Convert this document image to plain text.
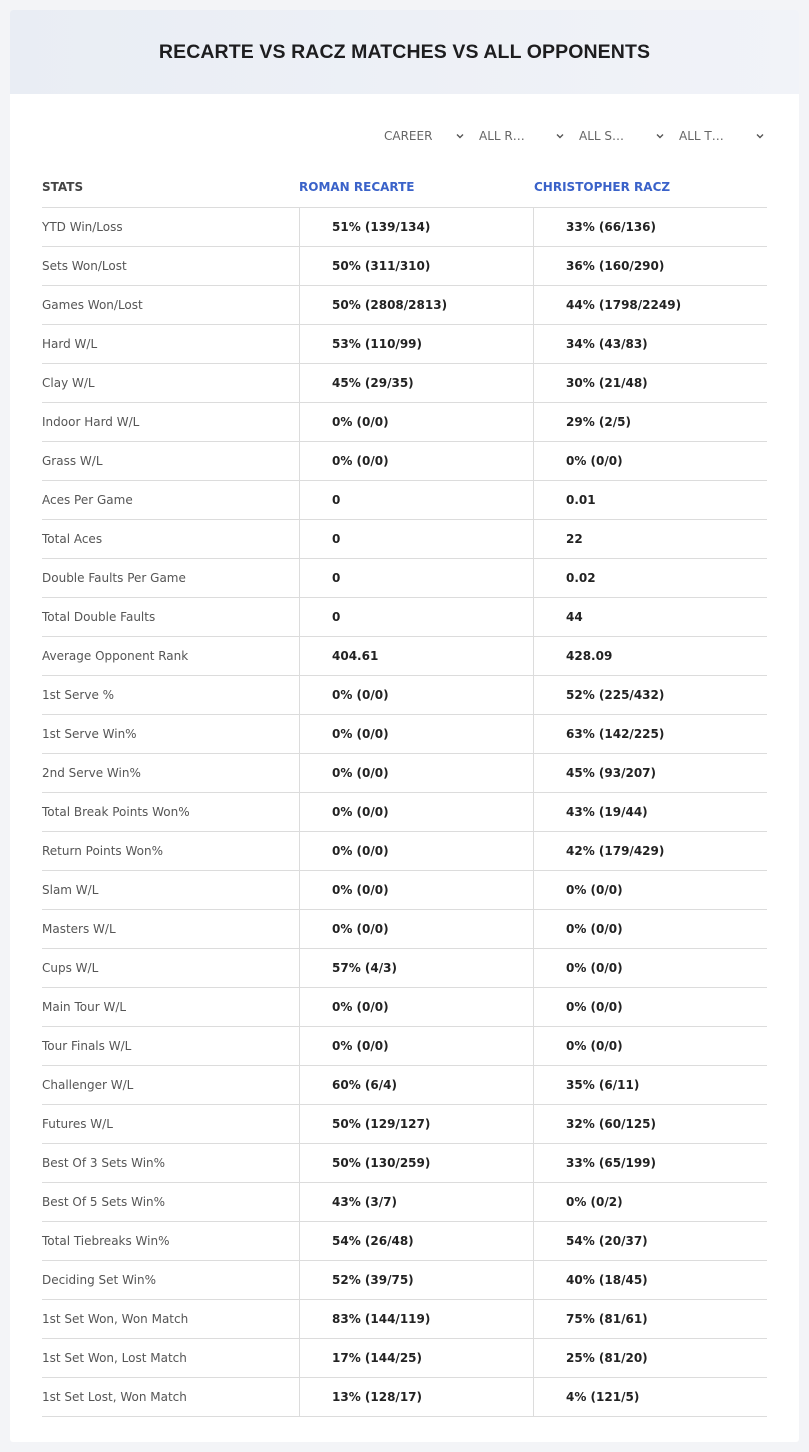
RECARTE VS RACZ MATCHES VS ALL OPPONENTS
CAREER	ALL R…	ALL S…	ALL T…
STATS	ROMAN RECARTE	CHRISTOPHER RACZ
YTD Win/Loss	51% (139/134)	33% (66/136)
Sets Won/Lost	50% (311/310)	36% (160/290)
Games Won/Lost	50% (2808/2813)	44% (1798/2249)
Hard W/L	53% (110/99)	34% (43/83)
Clay W/L	45% (29/35)	30% (21/48)
Indoor Hard W/L	0% (0/0)	29% (2/5)
Grass W/L	0% (0/0)	0% (0/0)
Aces Per Game	0	0.01
Total Aces	0	22
Double Faults Per Game	0	0.02
Total Double Faults	0	44
Average Opponent Rank	404.61	428.09
1st Serve %	0% (0/0)	52% (225/432)
1st Serve Win%	0% (0/0)	63% (142/225)
2nd Serve Win%	0% (0/0)	45% (93/207)
Total Break Points Won%	0% (0/0)	43% (19/44)
Return Points Won%	0% (0/0)	42% (179/429)
Slam W/L	0% (0/0)	0% (0/0)
Masters W/L	0% (0/0)	0% (0/0)
Cups W/L	57% (4/3)	0% (0/0)
Main Tour W/L	0% (0/0)	0% (0/0)
Tour Finals W/L	0% (0/0)	0% (0/0)
Challenger W/L	60% (6/4)	35% (6/11)
Futures W/L	50% (129/127)	32% (60/125)
Best Of 3 Sets Win%	50% (130/259)	33% (65/199)
Best Of 5 Sets Win%	43% (3/7)	0% (0/2)
Total Tiebreaks Win%	54% (26/48)	54% (20/37)
Deciding Set Win%	52% (39/75)	40% (18/45)
1st Set Won, Won Match	83% (144/119)	75% (81/61)
1st Set Won, Lost Match	17% (144/25)	25% (81/20)
1st Set Lost, Won Match	13% (128/17)	4% (121/5)
